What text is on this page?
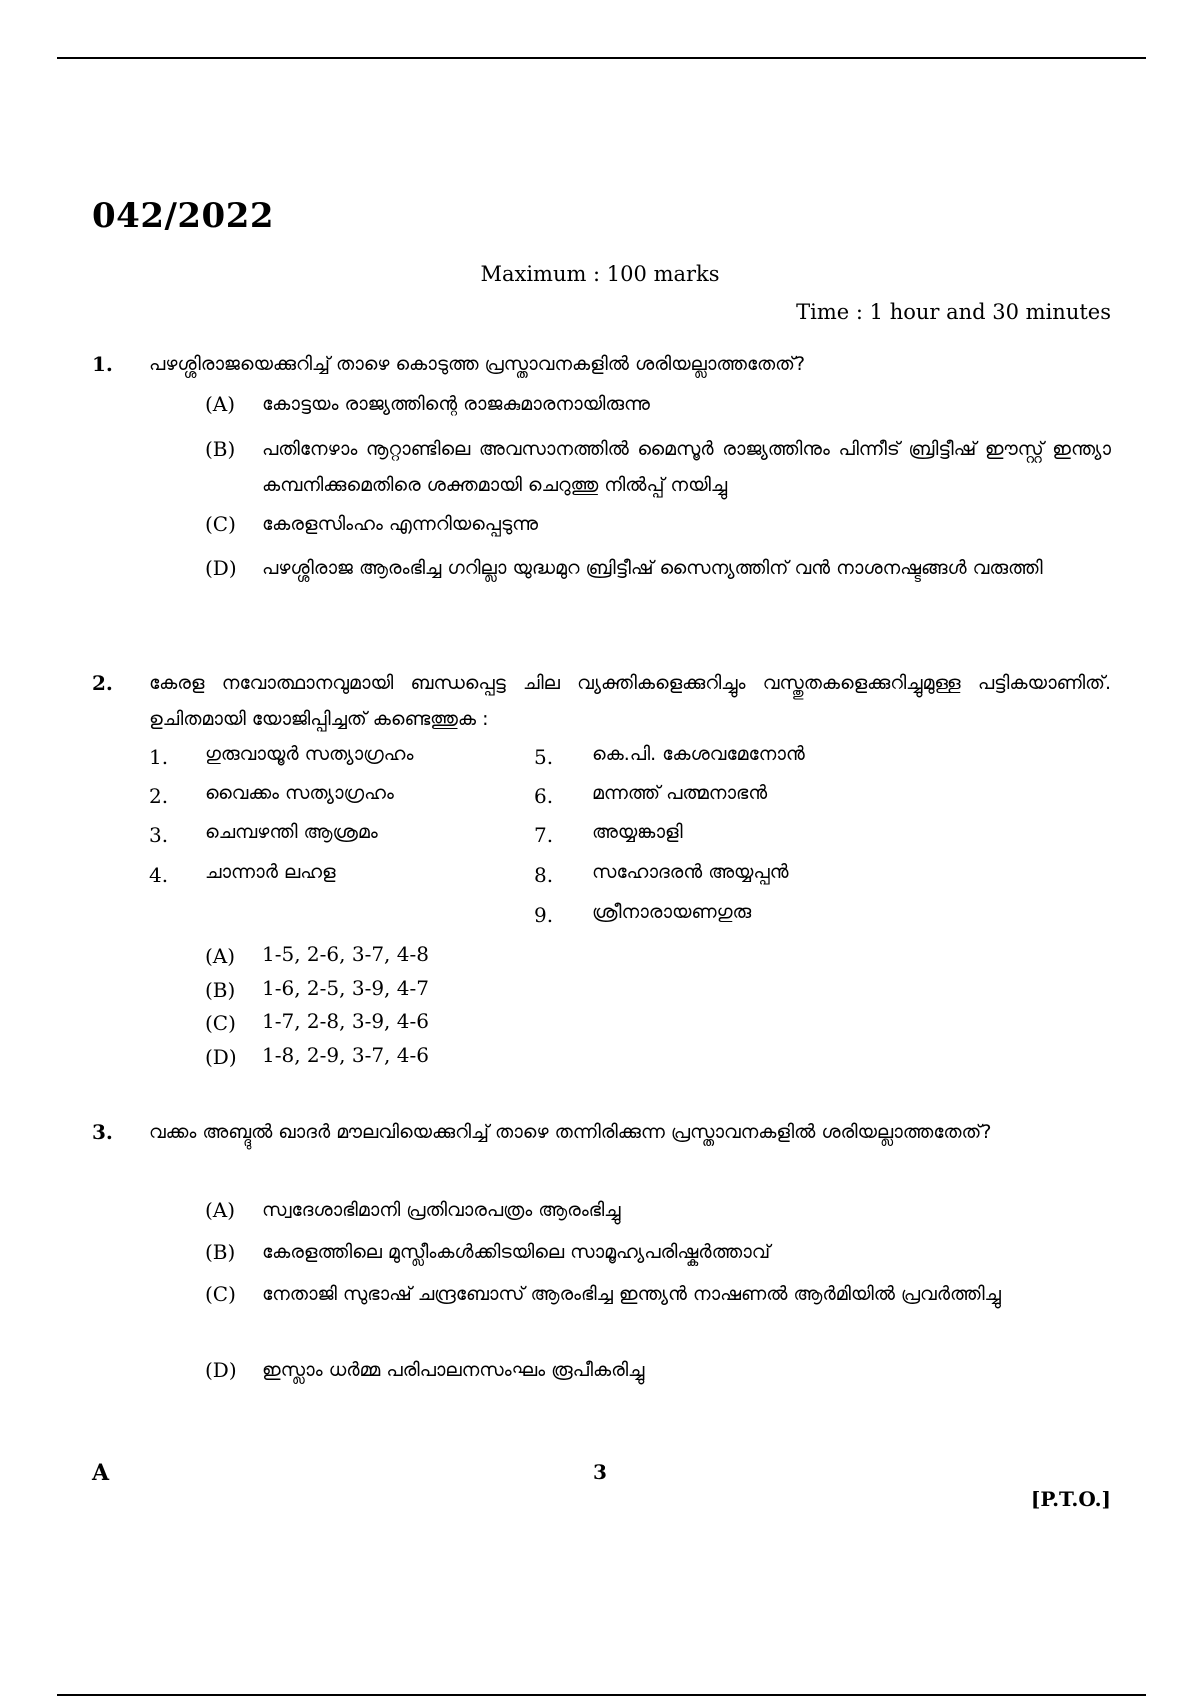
042/2022
Maximum : 100 marks
Time : 1 hour and 30 minutes
1. പഴശ്ശിരാജയെക്കുറിച്ച് താഴെ കൊടുത്ത പ്രസ്താവനകളിൽ ശരിയല്ലാത്തതേത്?
(A) കോട്ടയം രാജ്യത്തിന്റെ രാജകുമാരനായിരുന്നു
(B) പതിനേഴാം നൂറ്റാണ്ടിലെ അവസാനത്തിൽ മൈസൂർ രാജ്യത്തിനും പിന്നീട് ബ്രിട്ടീഷ് ഈസ്റ്റ് ഇന്ത്യാ കമ്പനിക്കുമെതിരെ ശക്തമായി ചെറുത്തു നിൽപ്പ് നയിച്ചു
(C) കേരളസിംഹം എന്നറിയപ്പെടുന്നു
(D) പഴശ്ശിരാജ ആരംഭിച്ച ഗറില്ലാ യുദ്ധമുറ ബ്രിട്ടീഷ് സൈന്യത്തിന് വൻ നാശനഷ്ടങ്ങൾ വരുത്തി
2. കേരള നവോത്ഥാനവുമായി ബന്ധപ്പെട്ട ചില വ്യക്തികളെക്കുറിച്ചും വസ്തുതകളെക്കുറിച്ചുമുള്ള പട്ടികയാണിത്. ഉചിതമായി യോജിപ്പിച്ചത് കണ്ടെത്തുക :
1. ഗുരുവായൂർ സത്യാഗ്രഹം
2. വൈക്കം സത്യാഗ്രഹം
3. ചെമ്പഴന്തി ആശ്രമം
4. ചാന്നാർ ലഹള
5. കെ.പി. കേശവമേനോൻ
6. മന്നത്ത് പത്മനാഭൻ
7. അയ്യങ്കാളി
8. സഹോദരൻ അയ്യപ്പൻ
9. ശ്രീനാരായണഗുരു
(A) 1-5, 2-6, 3-7, 4-8
(B) 1-6, 2-5, 3-9, 4-7
(C) 1-7, 2-8, 3-9, 4-6
(D) 1-8, 2-9, 3-7, 4-6
3. വക്കം അബ്ദുൽ ഖാദർ മൗലവിയെക്കുറിച്ച് താഴെ തന്നിരിക്കുന്ന പ്രസ്താവനകളിൽ ശരിയല്ലാത്തതേത്?
(A) സ്വദേശാഭിമാനി പ്രതിവാരപത്രം ആരംഭിച്ചു
(B) കേരളത്തിലെ മുസ്ലീംകൾക്കിടയിലെ സാമൂഹ്യപരിഷ്കർത്താവ്
(C) നേതാജി സുഭാഷ് ചന്ദ്രബോസ് ആരംഭിച്ച ഇന്ത്യൻ നാഷണൽ ആർമിയിൽ പ്രവർത്തിച്ചു
(D) ഇസ്ലാം ധർമ്മ പരിപാലനസംഘം രൂപീകരിച്ചു
A	3
[P.T.O.]
